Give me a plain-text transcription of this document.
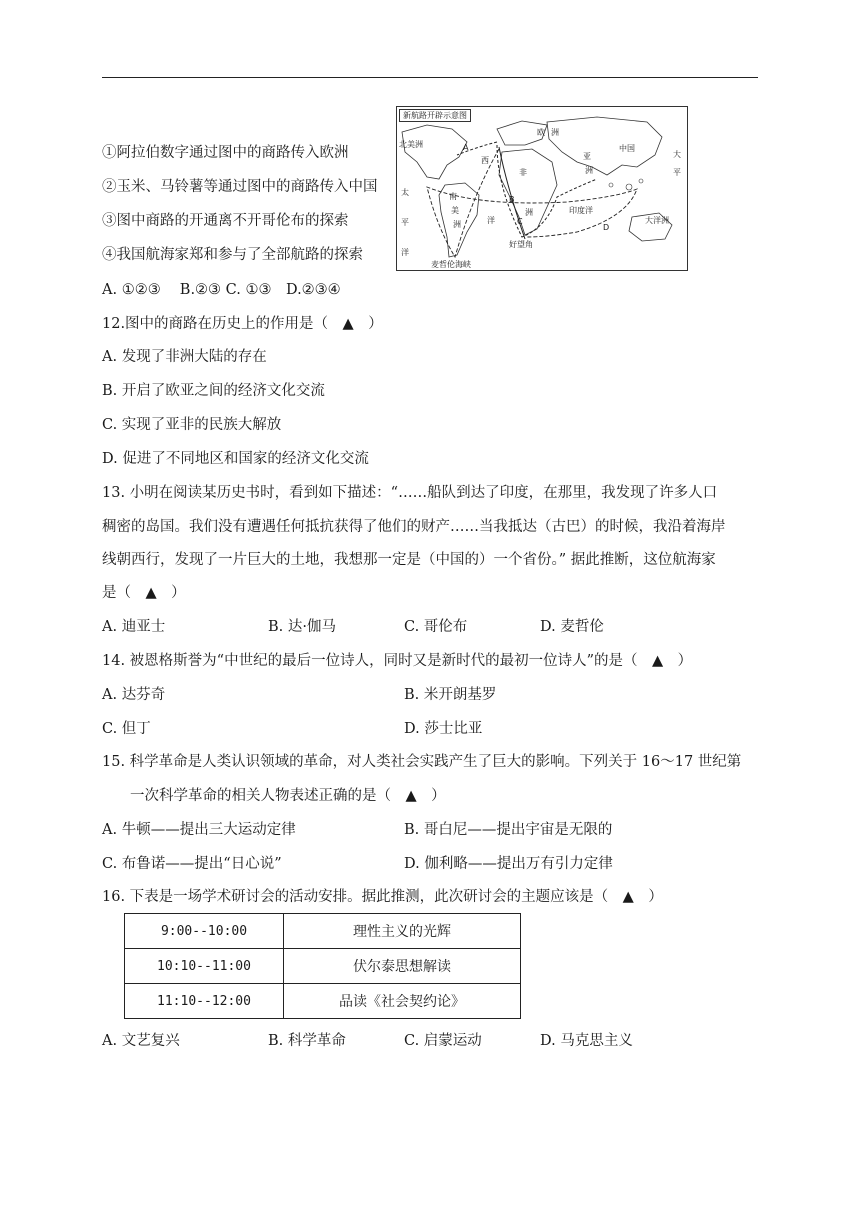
新航路开辟示意图
北美洲
欧 洲
亚
洲
非
洲
南
美
洲
太
平
洋
西
洋
印度洋
大
平
大洋洲
中国
A
B
C
D
好望角
麦哲伦海峡
①阿拉伯数字通过图中的商路传入欧洲
②玉米、马铃薯等通过图中的商路传入中国
③图中商路的开通离不开哥伦布的探索
④我国航海家郑和参与了全部航路的探索
A. ①②③　 B.②③ C. ①③　D.②③④
12.图中的商路在历史上的作用是（　▲　）
A. 发现了非洲大陆的存在
B. 开启了欧亚之间的经济文化交流
C. 实现了亚非的民族大解放
D. 促进了不同地区和国家的经济文化交流
13. 小明在阅读某历史书时，看到如下描述：“……船队到达了印度，在那里，我发现了许多人口
稠密的岛国。我们没有遭遇任何抵抗获得了他们的财产……当我抵达（古巴）的时候，我沿着海岸
线朝西行，发现了一片巨大的土地，我想那一定是（中国的）一个省份。” 据此推断，这位航海家
是（　▲　）
A. 迪亚士	B. 达·伽马	C. 哥伦布	D. 麦哲伦
14. 被恩格斯誉为“中世纪的最后一位诗人，同时又是新时代的最初一位诗人”的是（　▲　）
A. 达芬奇	B. 米开朗基罗
C. 但丁	D. 莎士比亚
15. 科学革命是人类认识领域的革命，对人类社会实践产生了巨大的影响。下列关于 16～17 世纪第
一次科学革命的相关人物表述正确的是（　▲　）
A. 牛顿——提出三大运动定律	B. 哥白尼——提出宇宙是无限的
C. 布鲁诺——提出“日心说”	D. 伽利略——提出万有引力定律
16. 下表是一场学术研讨会的活动安排。据此推测，此次研讨会的主题应该是（　▲　）
9:00--10:00	理性主义的光辉
10:10--11:00	伏尔泰思想解读
11:10--12:00	品读《社会契约论》
A. 文艺复兴	B. 科学革命	C. 启蒙运动	D. 马克思主义
